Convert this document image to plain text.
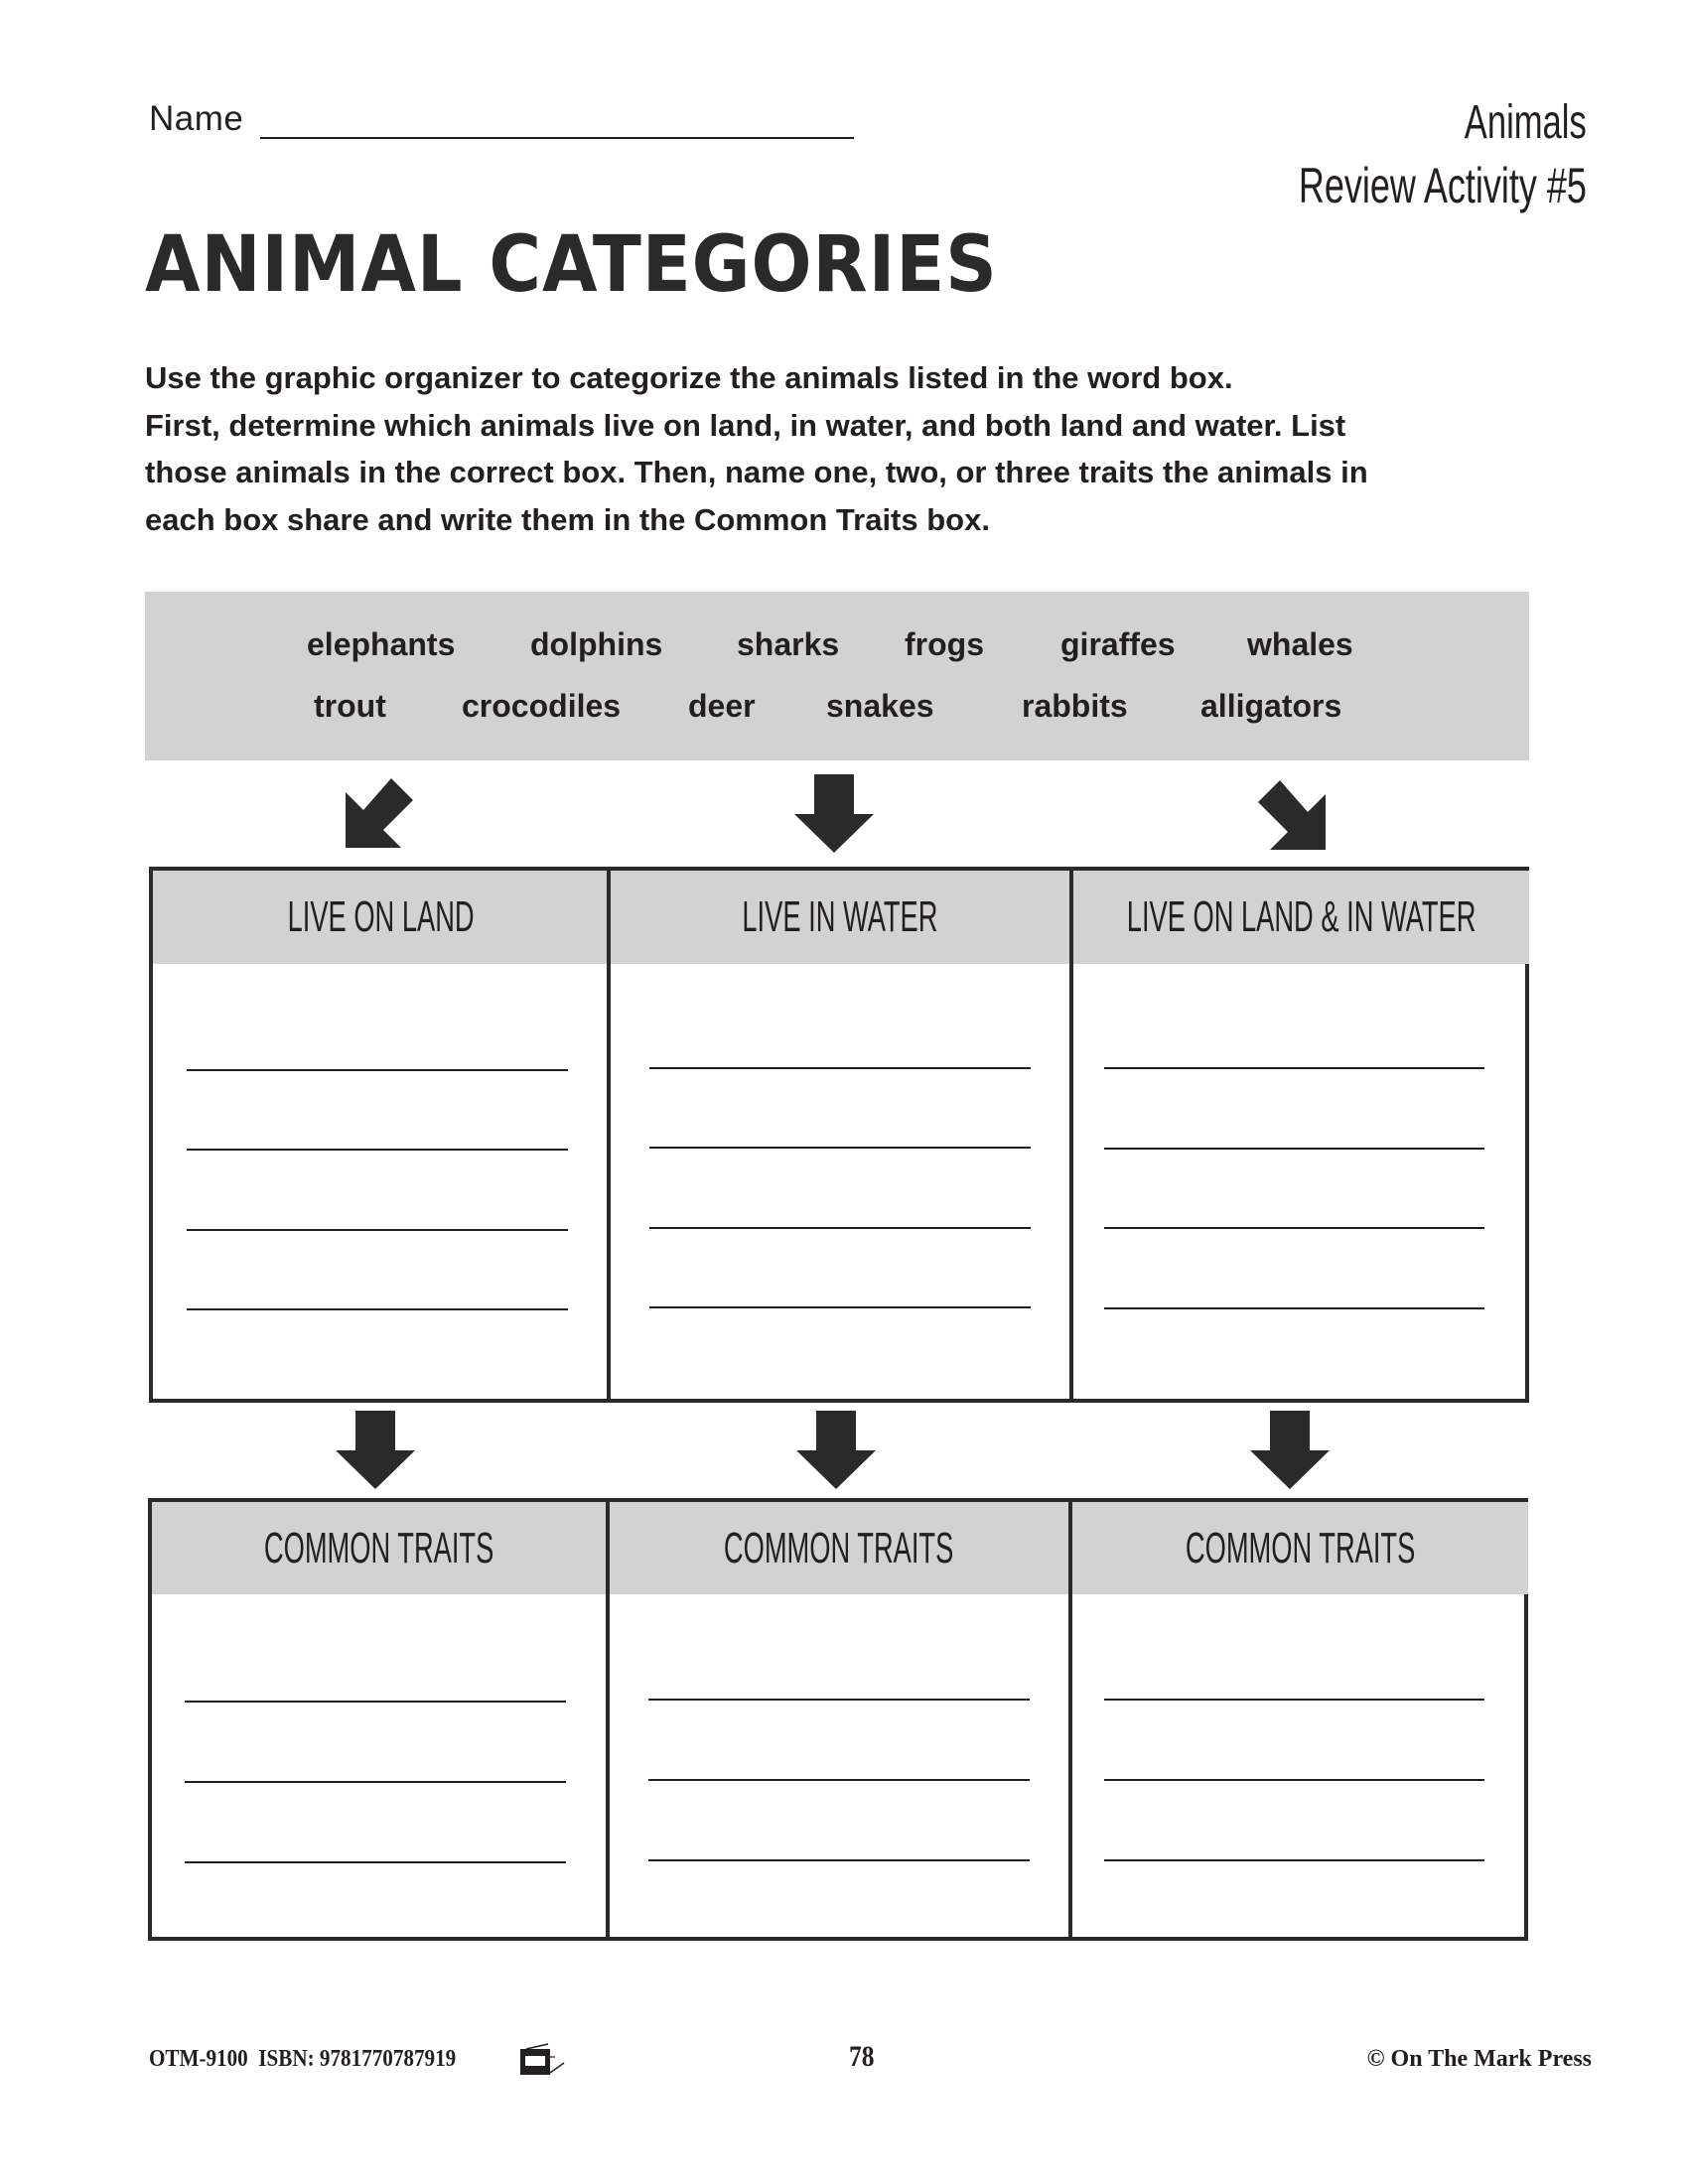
Name	Animals
Review Activity #5
ANIMAL CATEGORIES
Use the graphic organizer to categorize the animals listed in the word box.
First, determine which animals live on land, in water, and both land and water. List
those animals in the correct box. Then, name one, two, or three traits the animals in
each box share and write them in the Common Traits box.
elephants dolphins sharks frogs giraffes whales
trout crocodiles deer snakes	rabbits alligators
LIVE ON LAND	LIVE IN WATER	LIVE ON LAND & IN WATER
COMMON TRAITS	COMMON TRAITS	COMMON TRAITS
OTM-9100 ISBN: 9781770787919	78	© On The Mark Press
